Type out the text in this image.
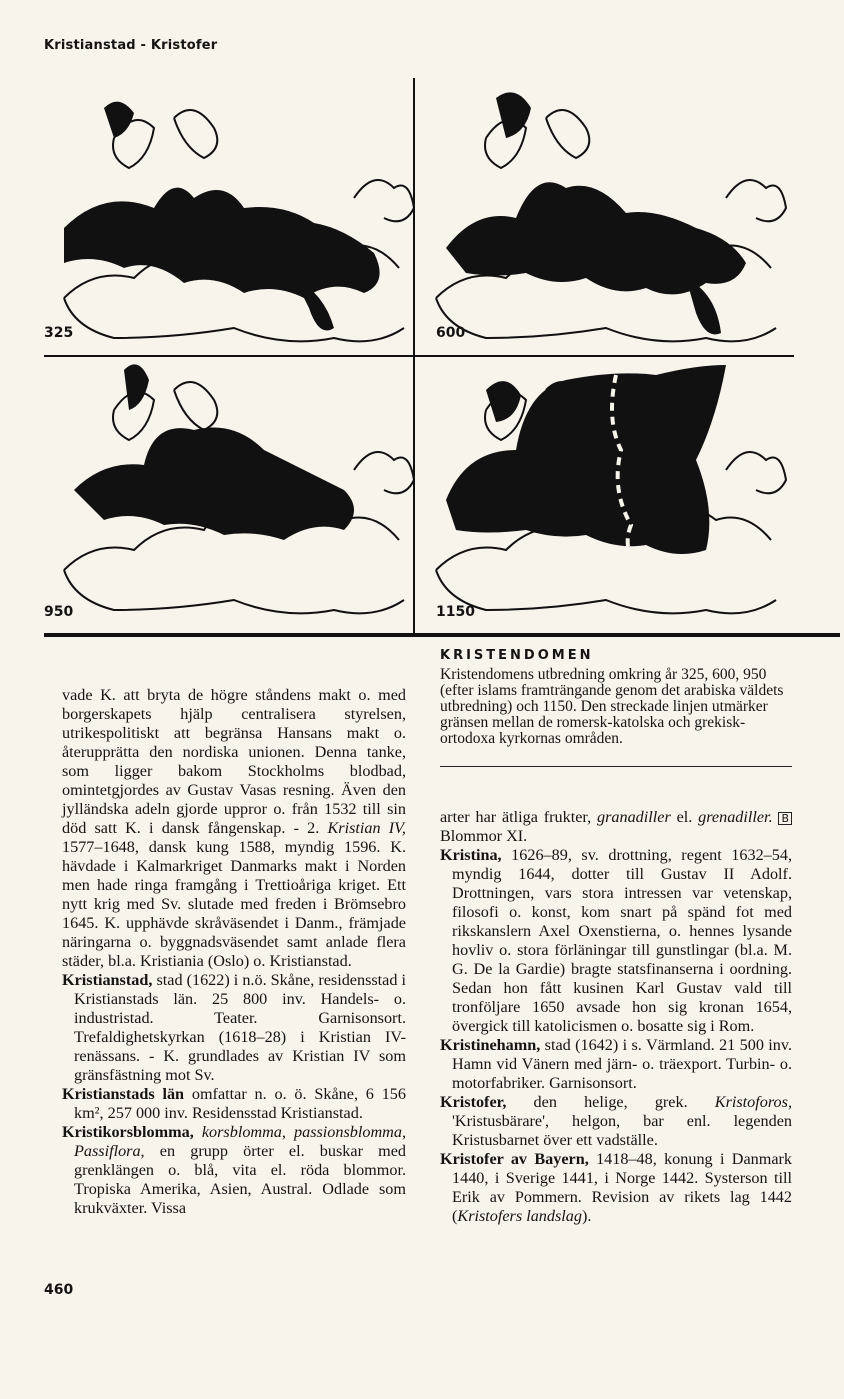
Kristianstad - Kristofer
325	600
950	1150
KRISTENDOMEN
Kristendomens utbredning omkring år 325, 600, 950 (efter islams framträngande genom det arabiska väldets utbredning) och 1150. Den streckade linjen utmärker gränsen mellan de romersk-katolska och grekisk-ortodoxa kyrkornas områden.

vade K. att bryta de högre ståndens makt o. med borgerskapets hjälp centralisera styrelsen, utrikespolitiskt att begränsa Hansans makt o. återupprätta den nordiska unionen. Denna tanke, som ligger bakom Stockholms blodbad, omintetgjordes av Gustav Vasas resning. Även den jylländska adeln gjorde uppror o. från 1532 till sin död satt K. i dansk fångenskap. - 2. Kristian IV, 1577–1648, dansk kung 1588, myndig 1596. K. hävdade i Kalmarkriget Danmarks makt i Norden men hade ringa framgång i Trettioåriga kriget. Ett nytt krig med Sv. slutade med freden i Brömsebro 1645. K. upphävde skråväsendet i Danm., främjade näringarna o. byggnadsväsendet samt anlade flera städer, bl.a. Kristiania (Oslo) o. Kristianstad.

Kristianstad, stad (1622) i n.ö. Skåne, residensstad i Kristianstads län. 25 800 inv. Handels- o. industristad. Teater. Garnisonsort. Trefaldighetskyrkan (1618–28) i Kristian IV-renässans. - K. grundlades av Kristian IV som gränsfästning mot Sv.

Kristianstads län omfattar n. o. ö. Skåne, 6 156 km², 257 000 inv. Residensstad Kristianstad.

Kristikorsblomma, korsblomma, passionsblomma, Passiflora, en grupp örter el. buskar med grenklängen o. blå, vita el. röda blommor. Tropiska Amerika, Asien, Austral. Odlade som krukväxter. Vissa

arter har ätliga frukter, granadiller el. grenadiller. B Blommor XI.

Kristina, 1626–89, sv. drottning, regent 1632–54, myndig 1644, dotter till Gustav II Adolf. Drottningen, vars stora intressen var vetenskap, filosofi o. konst, kom snart på spänd fot med rikskanslern Axel Oxenstierna, o. hennes lysande hovliv o. stora förläningar till gunstlingar (bl.a. M. G. De la Gardie) bragte statsfinanserna i oordning. Sedan hon fått kusinen Karl Gustav vald till tronföljare 1650 avsade hon sig kronan 1654, övergick till katolicismen o. bosatte sig i Rom.

Kristinehamn, stad (1642) i s. Värmland. 21 500 inv. Hamn vid Vänern med järn- o. träexport. Turbin- o. motorfabriker. Garnisonsort.

Kristofer, den helige, grek. Kristoforos, 'Kristusbärare', helgon, bar enl. legenden Kristusbarnet över ett vadställe.

Kristofer av Bayern, 1418–48, konung i Danmark 1440, i Sverige 1441, i Norge 1442. Systerson till Erik av Pommern. Revision av rikets lag 1442 (Kristofers landslag).

460
